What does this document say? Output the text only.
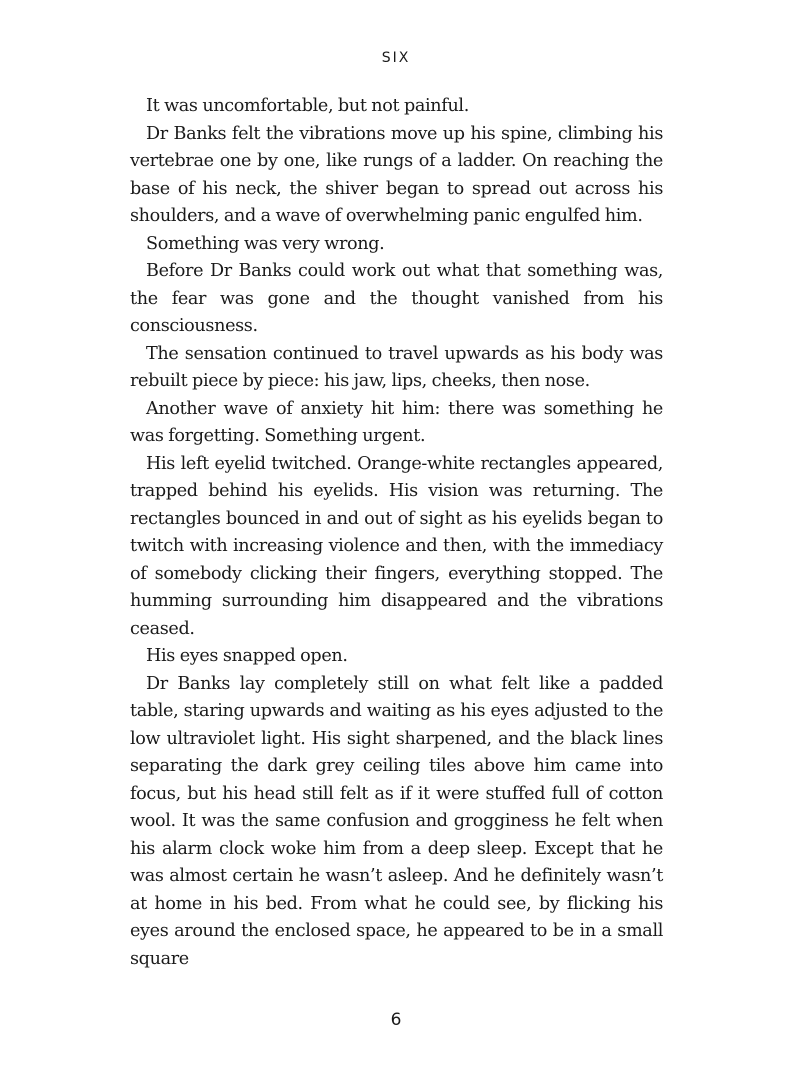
SIX

It was uncomfortable, but not painful.

Dr Banks felt the vibrations move up his spine, climbing his vertebrae one by one, like rungs of a ladder. On reaching the base of his neck, the shiver began to spread out across his shoulders, and a wave of overwhelming panic engulfed him.

Something was very wrong.

Before Dr Banks could work out what that something was, the fear was gone and the thought vanished from his consciousness.

The sensation continued to travel upwards as his body was rebuilt piece by piece: his jaw, lips, cheeks, then nose.

Another wave of anxiety hit him: there was something he was forgetting. Something urgent.

His left eyelid twitched. Orange-white rectangles appeared, trapped behind his eyelids. His vision was returning. The rectangles bounced in and out of sight as his eyelids began to twitch with increasing violence and then, with the immediacy of somebody clicking their fingers, everything stopped. The humming surrounding him disappeared and the vibrations ceased.

His eyes snapped open.

Dr Banks lay completely still on what felt like a padded table, staring upwards and waiting as his eyes adjusted to the low ultraviolet light. His sight sharpened, and the black lines separating the dark grey ceiling tiles above him came into focus, but his head still felt as if it were stuffed full of cotton wool. It was the same confusion and grogginess he felt when his alarm clock woke him from a deep sleep. Except that he was almost certain he wasn’t asleep. And he definitely wasn’t at home in his bed. From what he could see, by flicking his eyes around the enclosed space, he appeared to be in a small square

6
